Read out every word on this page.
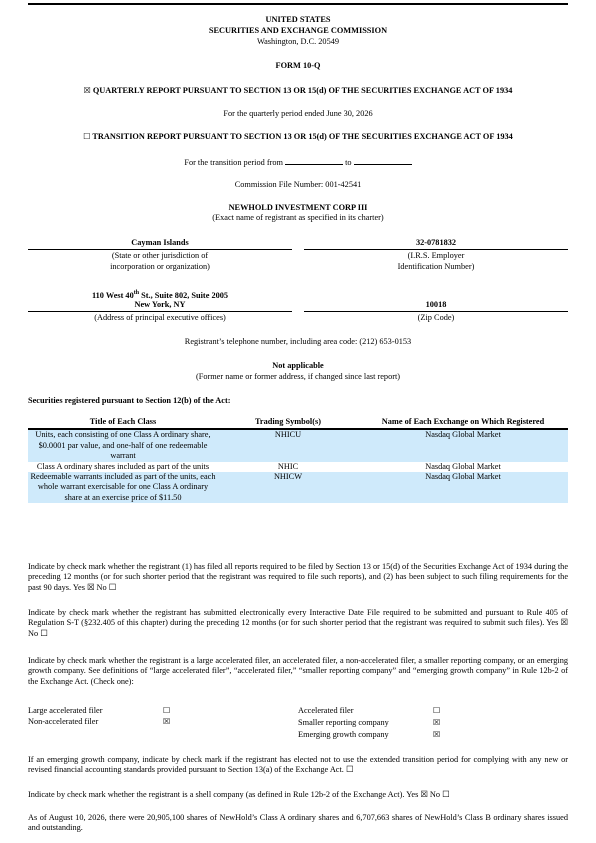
UNITED STATES
SECURITIES AND EXCHANGE COMMISSION
Washington, D.C. 20549
FORM 10-Q
☒ QUARTERLY REPORT PURSUANT TO SECTION 13 OR 15(d) OF THE SECURITIES EXCHANGE ACT OF 1934
For the quarterly period ended June 30, 2026
☐ TRANSITION REPORT PURSUANT TO SECTION 13 OR 15(d) OF THE SECURITIES EXCHANGE ACT OF 1934
For the transition period from	to
Commission File Number: 001-42541
NEWHOLD INVESTMENT CORP III
(Exact name of registrant as specified in its charter)
Cayman Islands
(State or other jurisdiction of
incorporation or organization)
32-0781832
(I.R.S. Employer
Identification Number)
110 West 40th St., Suite 802, Suite 2005
New York, NY
(Address of principal executive offices)
10018
(Zip Code)
Registrant’s telephone number, including area code: (212) 653-0153
Not applicable
(Former name or former address, if changed since last report)
Securities registered pursuant to Section 12(b) of the Act:
Title of Each Class	Trading Symbol(s)	Name of Each Exchange on Which Registered
Units, each consisting of one Class A ordinary share, $0.0001 par value, and one-half of one redeemable warrant	NHICU	Nasdaq Global Market
Class A ordinary shares included as part of the units	NHIC	Nasdaq Global Market
Redeemable warrants included as part of the units, each whole warrant exercisable for one Class A ordinary share at an exercise price of $11.50	NHICW	Nasdaq Global Market
Indicate by check mark whether the registrant (1) has filed all reports required to be filed by Section 13 or 15(d) of the Securities Exchange Act of 1934 during the preceding 12 months (or for such shorter period that the registrant was required to file such reports), and (2) has been subject to such filing requirements for the past 90 days. Yes ☒ No ☐
Indicate by check mark whether the registrant has submitted electronically every Interactive Date File required to be submitted and pursuant to Rule 405 of Regulation S-T (§232.405 of this chapter) during the preceding 12 months (or for such shorter period that the registrant was required to submit such files). Yes ☒ No ☐
Indicate by check mark whether the registrant is a large accelerated filer, an accelerated filer, a non-accelerated filer, a smaller reporting company, or an emerging growth company. See definitions of “large accelerated filer”, “accelerated filer,” “smaller reporting company” and “emerging growth company” in Rule 12b-2 of the Exchange Act. (Check one):
Large accelerated filer	☐
Non-accelerated filer	☒
Accelerated filer	☐
Smaller reporting company	☒
Emerging growth company	☒
If an emerging growth company, indicate by check mark if the registrant has elected not to use the extended transition period for complying with any new or revised financial accounting standards provided pursuant to Section 13(a) of the Exchange Act. ☐
Indicate by check mark whether the registrant is a shell company (as defined in Rule 12b-2 of the Exchange Act). Yes ☒ No ☐
As of August 10, 2026, there were 20,905,100 shares of NewHold’s Class A ordinary shares and 6,707,663 shares of NewHold’s Class B ordinary shares issued and outstanding.
